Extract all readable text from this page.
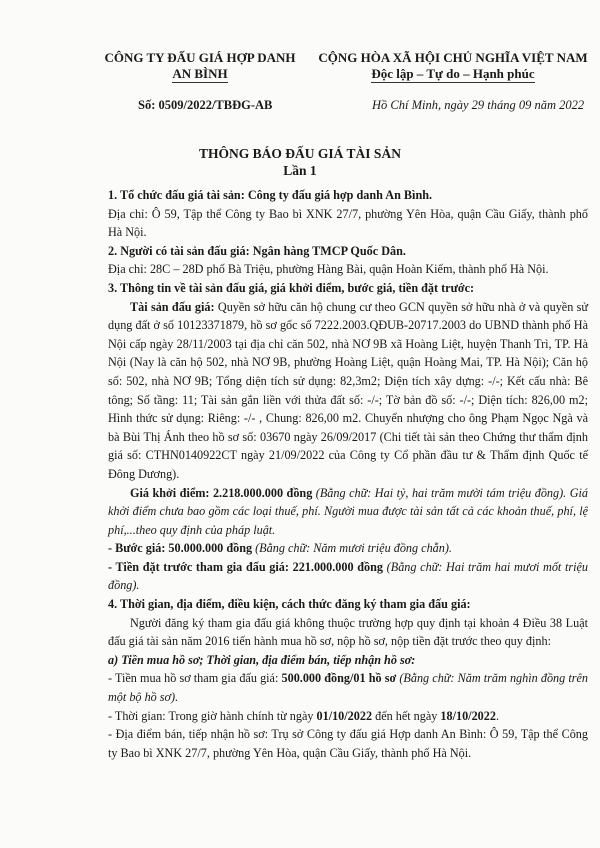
CÔNG TY ĐẤU GIÁ HỢP DANH
AN BÌNH
CỘNG HÒA XÃ HỘI CHỦ NGHĨA VIỆT NAM
Độc lập – Tự do – Hạnh phúc
Số: 0509/2022/TBĐG-AB	Hồ Chí Minh, ngày 29 tháng 09 năm 2022
THÔNG BÁO ĐẤU GIÁ TÀI SẢN
Lần 1

1. Tổ chức đấu giá tài sản: Công ty đấu giá hợp danh An Bình.

Địa chỉ: Ô 59, Tập thể Công ty Bao bì XNK 27/7, phường Yên Hòa, quận Cầu Giấy, thành phố Hà Nội.

2. Người có tài sản đấu giá: Ngân hàng TMCP Quốc Dân.

Địa chỉ: 28C – 28D phố Bà Triệu, phường Hàng Bài, quận Hoàn Kiếm, thành phố Hà Nội.

3. Thông tin về tài sản đấu giá, giá khởi điểm, bước giá, tiền đặt trước:

Tài sản đấu giá: Quyền sở hữu căn hộ chung cư theo GCN quyền sở hữu nhà ở và quyền sử dụng đất ở số 10123371879, hồ sơ gốc số 7222.2003.QĐUB-20717.2003 do UBND thành phố Hà Nội cấp ngày 28/11/2003 tại địa chỉ căn 502, nhà NƠ 9B xã Hoàng Liệt, huyện Thanh Trì, TP. Hà Nội (Nay là căn hộ 502, nhà NƠ 9B, phường Hoàng Liệt, quận Hoàng Mai, TP. Hà Nội); Căn hộ số: 502, nhà NƠ 9B; Tổng diện tích sử dụng: 82,3m2; Diện tích xây dựng: -/-; Kết cấu nhà: Bê tông; Số tầng: 11; Tài sản gắn liền với thửa đất số: -/-; Tờ bản đồ số: -/-; Diện tích: 826,00 m2; Hình thức sử dụng: Riêng: -/- , Chung: 826,00 m2. Chuyển nhượng cho ông Phạm Ngọc Ngà và bà Bùi Thị Ánh theo hồ sơ số: 03670 ngày 26/09/2017 (Chi tiết tài sản theo Chứng thư thẩm định giá số: CTHN0140922CT ngày 21/09/2022 của Công ty Cổ phần đầu tư & Thẩm định Quốc tế Đông Dương).

Giá khởi điểm: 2.218.000.000 đồng (Bằng chữ: Hai tỷ, hai trăm mười tám triệu đồng). Giá khởi điểm chưa bao gồm các loại thuế, phí. Người mua được tài sản tất cả các khoản thuế, phí, lệ phí,...theo quy định của pháp luật.

- Bước giá: 50.000.000 đồng (Bằng chữ: Năm mươi triệu đồng chẵn).

- Tiền đặt trước tham gia đấu giá: 221.000.000 đồng (Bằng chữ: Hai trăm hai mươi mốt triệu đồng).

4. Thời gian, địa điểm, điều kiện, cách thức đăng ký tham gia đấu giá:

Người đăng ký tham gia đấu giá không thuộc trường hợp quy định tại khoản 4 Điều 38 Luật đấu giá tài sản năm 2016 tiến hành mua hồ sơ, nộp hồ sơ, nộp tiền đặt trước theo quy định:

a) Tiền mua hồ sơ; Thời gian, địa điểm bán, tiếp nhận hồ sơ:

- Tiền mua hồ sơ tham gia đấu giá: 500.000 đồng/01 hồ sơ (Bằng chữ: Năm trăm nghìn đồng trên một bộ hồ sơ).

- Thời gian: Trong giờ hành chính từ ngày 01/10/2022 đến hết ngày 18/10/2022.

- Địa điểm bán, tiếp nhận hồ sơ: Trụ sở Công ty đấu giá Hợp danh An Bình: Ô 59, Tập thể Công ty Bao bì XNK 27/7, phường Yên Hòa, quận Cầu Giấy, thành phố Hà Nội.
